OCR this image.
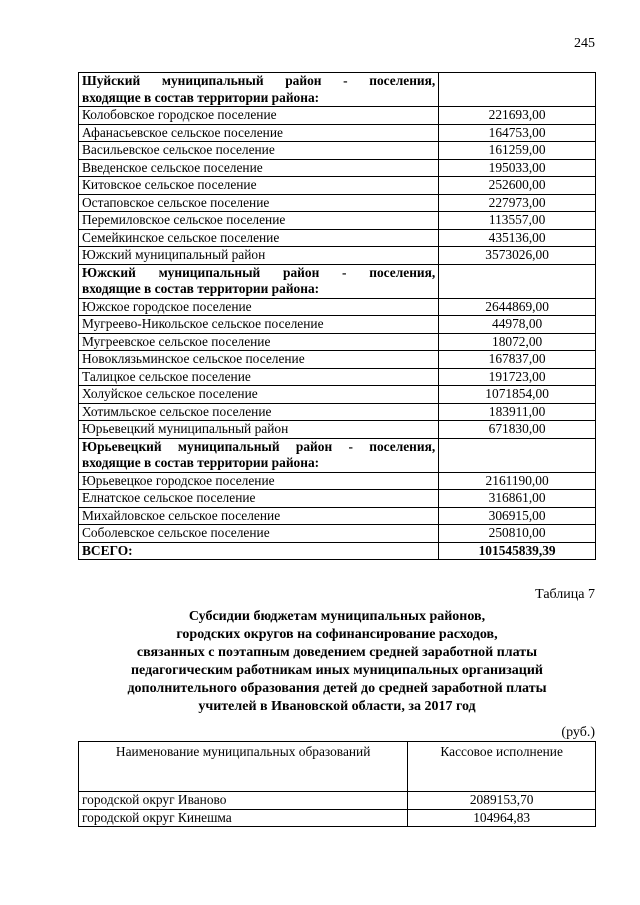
245
Шуйский муниципальный район - поселения,
входящие в состав территории района:	

Колобовское городское поселение	221693,00
Афанасьевское сельское поселение	164753,00
Васильевское сельское поселение	161259,00
Введенское сельское поселение	195033,00
Китовское сельское поселение	252600,00
Остаповское сельское поселение	227973,00
Перемиловское сельское поселение	113557,00
Семейкинское сельское поселение	435136,00
Южский муниципальный район	3573026,00

Южский муниципальный район - поселения,
входящие в состав территории района:	

Южское городское поселение	2644869,00
Мугреево-Никольское сельское поселение	44978,00
Мугреевское сельское поселение	18072,00
Новоклязьминское сельское поселение	167837,00
Талицкое сельское поселение	191723,00
Холуйское сельское поселение	1071854,00
Хотимльское сельское поселение	183911,00
Юрьевецкий муниципальный район	671830,00

Юрьевецкий муниципальный район - поселения,
входящие в состав территории района:	

Юрьевецкое городское поселение	2161190,00
Елнатское сельское поселение	316861,00
Михайловское сельское поселение	306915,00
Соболевское сельское поселение	250810,00
ВСЕГО:	101545839,39
Таблица 7
Субсидии бюджетам муниципальных районов,
городских округов на софинансирование расходов,
связанных с поэтапным доведением средней заработной платы
педагогическим работникам иных муниципальных организаций
дополнительного образования детей до средней заработной платы
учителей в Ивановской области, за 2017 год
(руб.)
Наименование муниципальных образований	Кассовое исполнение
городской округ Иваново	2089153,70
городской округ Кинешма	104964,83
